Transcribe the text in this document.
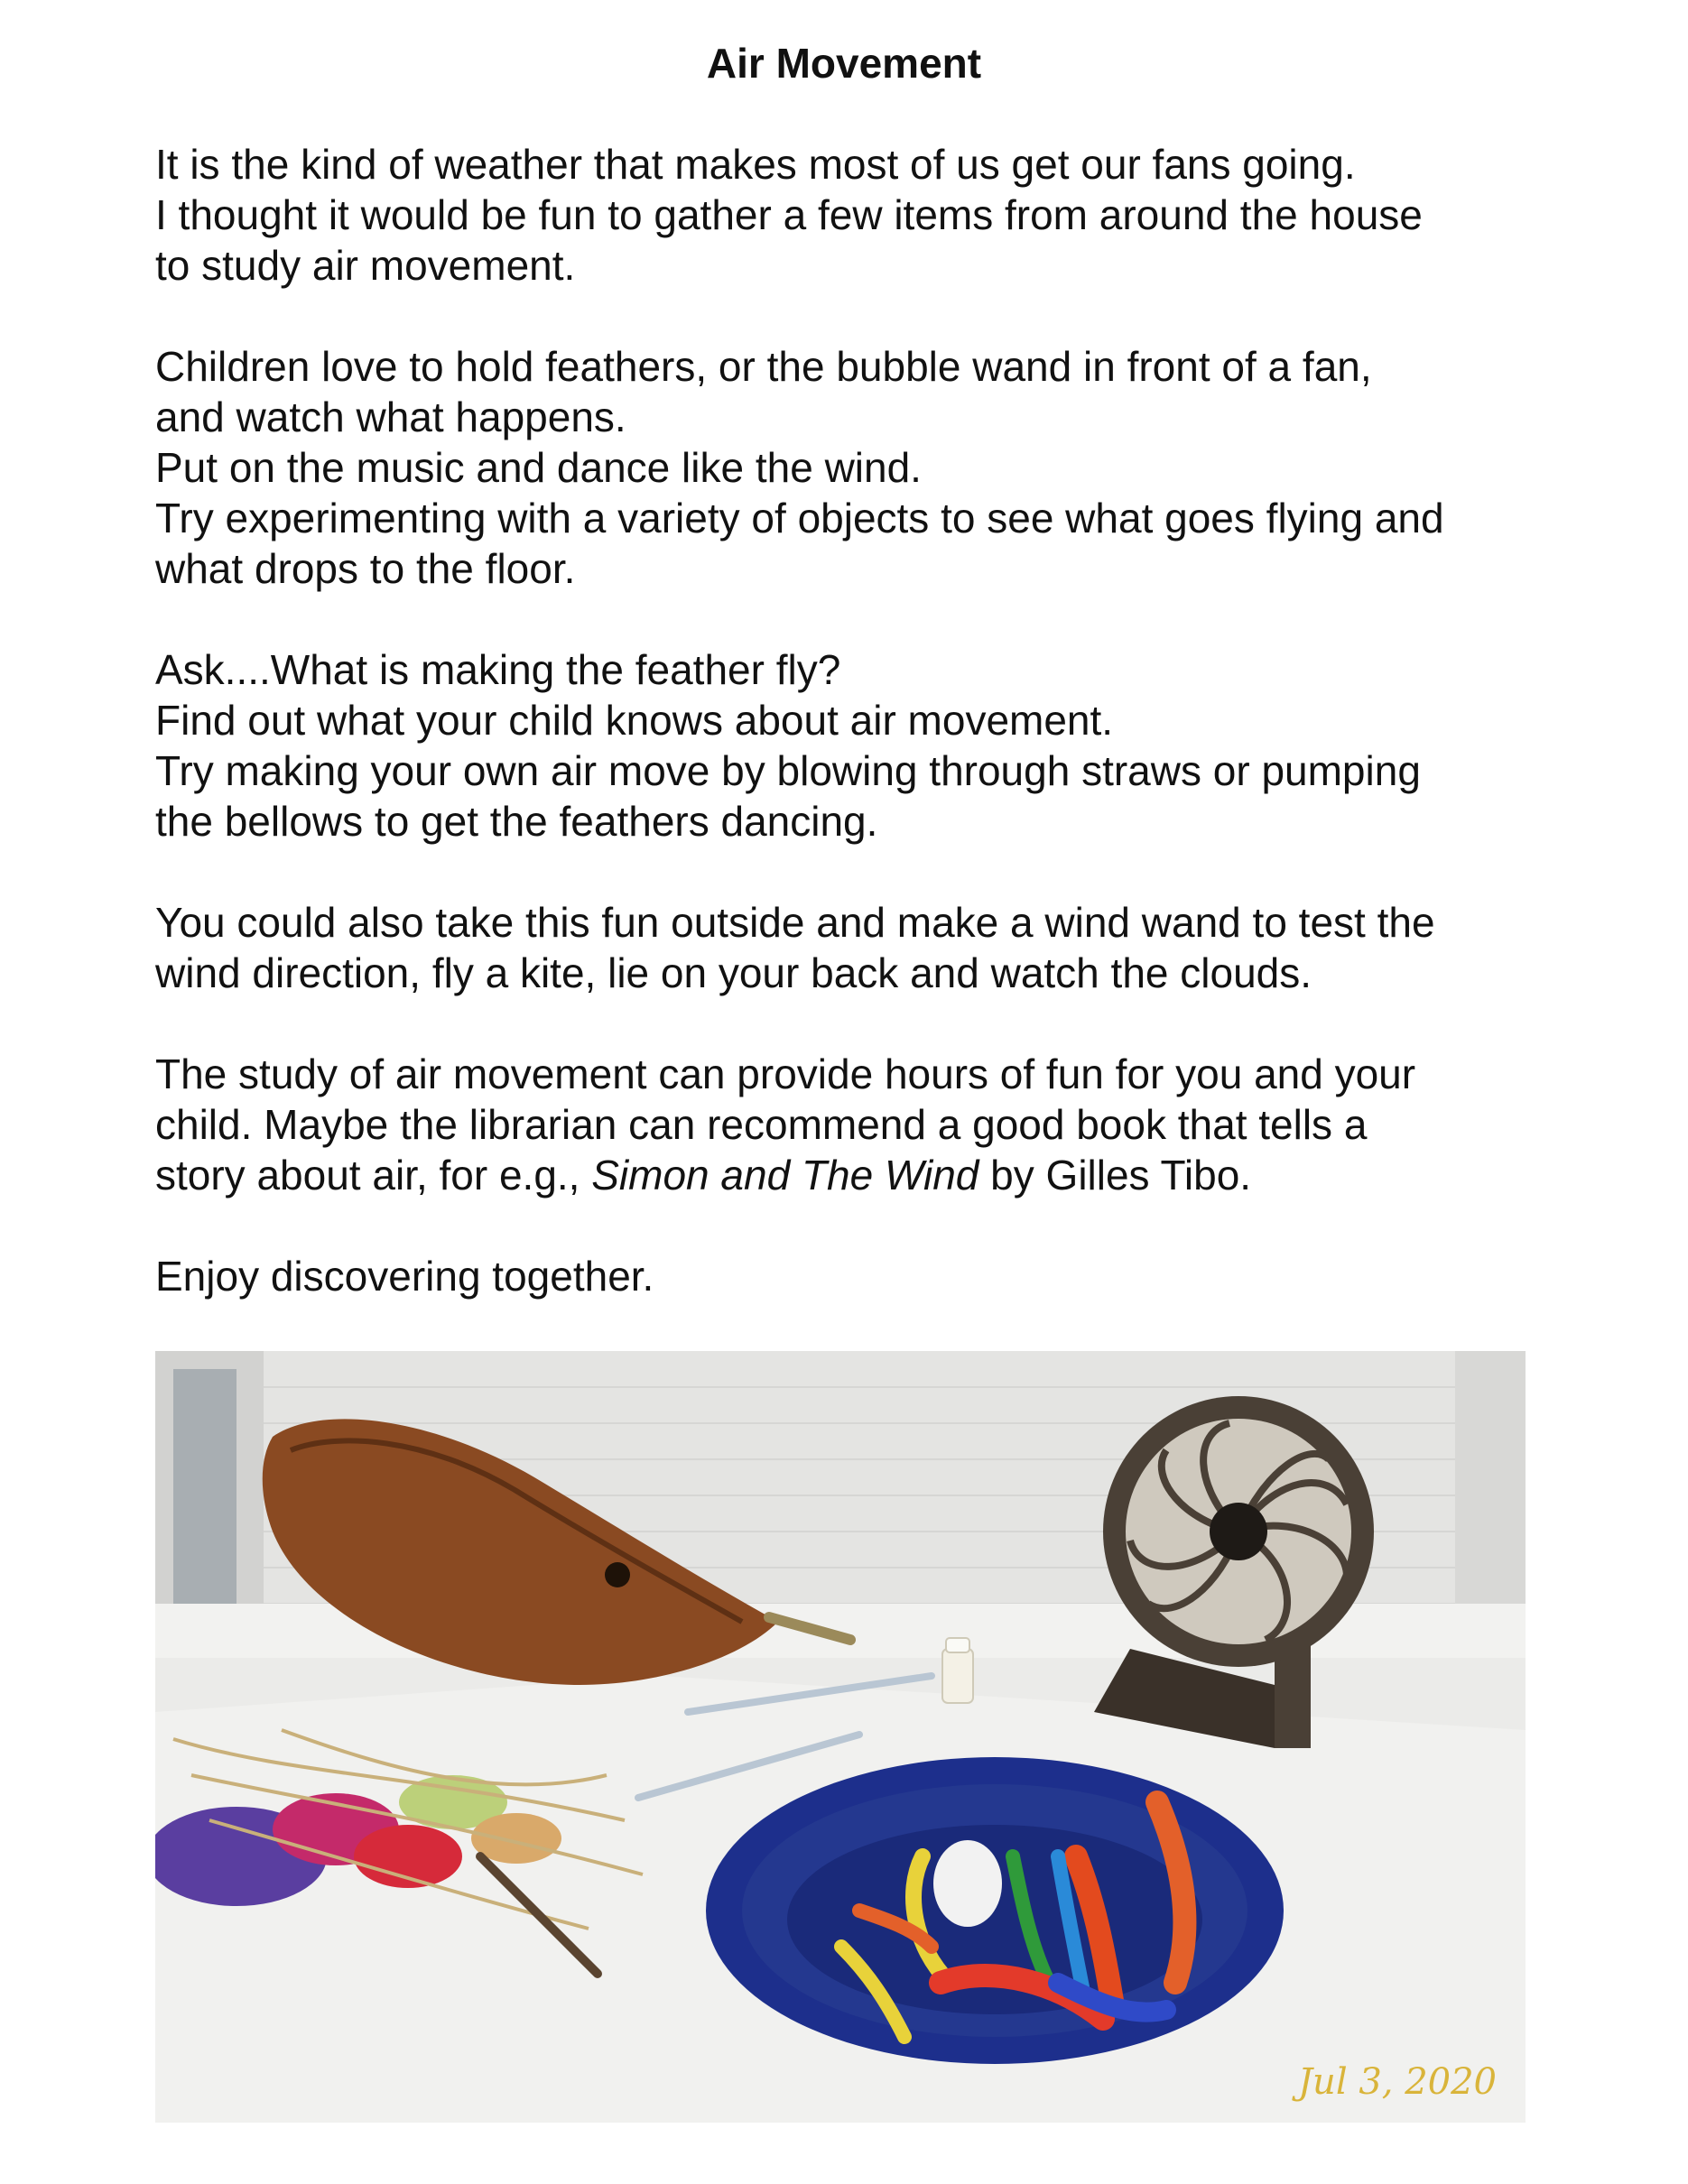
Air Movement

It is the kind of weather that makes most of us get our fans going.
I thought it would be fun to gather a few items from around the house
to study air movement.

Children love to hold feathers, or the bubble wand in front of a fan,
and watch what happens.
Put on the music and dance like the wind.
Try experimenting with a variety of objects to see what goes flying and
what drops to the floor.

Ask....What is making the feather fly?
Find out what your child knows about air movement.
Try making your own air move by blowing through straws or pumping
the bellows to get the feathers dancing.

You could also take this fun outside and make a wind wand to test the
wind direction, fly a kite, lie on your back and watch the clouds.

The study of air movement can provide hours of fun for you and your
child. Maybe the librarian can recommend a good book that tells a
story about air, for e.g., Simon and The Wind by Gilles Tibo.

Enjoy discovering together.

Jul 3, 2020
